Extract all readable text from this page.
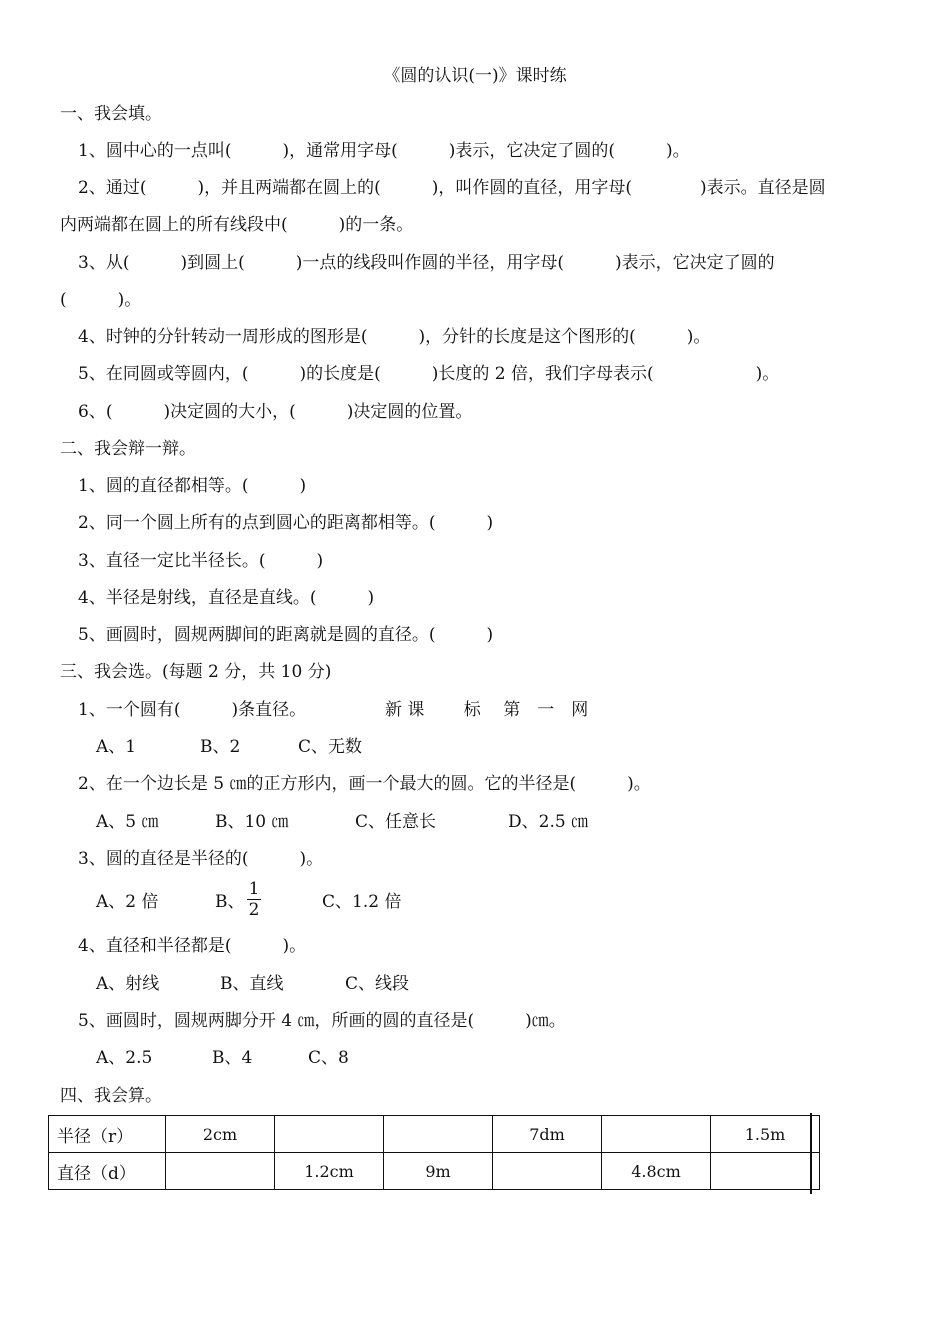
《圆的认识(一)》课时练
一、我会填。
1、圆中心的一点叫(　　　)，通常用字母(　　　)表示，它决定了圆的(　　　)。
2、通过(　　　)，并且两端都在圆上的(　　　)，叫作圆的直径，用字母(　　　　)表示。直径是圆
内两端都在圆上的所有线段中(　　　)的一条。
3、从(　　　)到圆上(　　　)一点的线段叫作圆的半径，用字母(　　　)表示，它决定了圆的
(　　　)。
4、时钟的分针转动一周形成的图形是(　　　)，分针的长度是这个图形的(　　　)。
5、在同圆或等圆内，(　　　)的长度是(　　　)长度的 2 倍，我们字母表示(　　　　　　)。
6、(　　　)决定圆的大小，(　　　)决定圆的位置。
二、我会辩一辩。
1、圆的直径都相等。(　　　)
2、同一个圆上所有的点到圆心的距离都相等。(　　　)
3、直径一定比半径长。(　　　)
4、半径是射线，直径是直线。(　　　)
5、画圆时，圆规两脚间的距离就是圆的直径。(　　　)
三、我会选。(每题 2 分，共 10 分)
1、一个圆有(　　　)条直径。	新 课　　 标　 第　一　网
A、1	B、2	C、无数
2、在一个边长是 5 ㎝的正方形内，画一个最大的圆。它的半径是(　　　)。
A、5 ㎝	B、10 ㎝	C、任意长	D、2.5 ㎝
3、圆的直径是半径的(　　　)。
A、2 倍	B、
1
2	C、1.2 倍
4、直径和半径都是(　　　)。
A、射线	B、直线	C、线段
5、画圆时，圆规两脚分开 4 ㎝，所画的圆的直径是(　　　)㎝。
A、2.5	B、4	C、8
四、我会算。
半径（r）	2cm			7dm		1.5m
直径（d）		1.2cm	9m		4.8cm	
